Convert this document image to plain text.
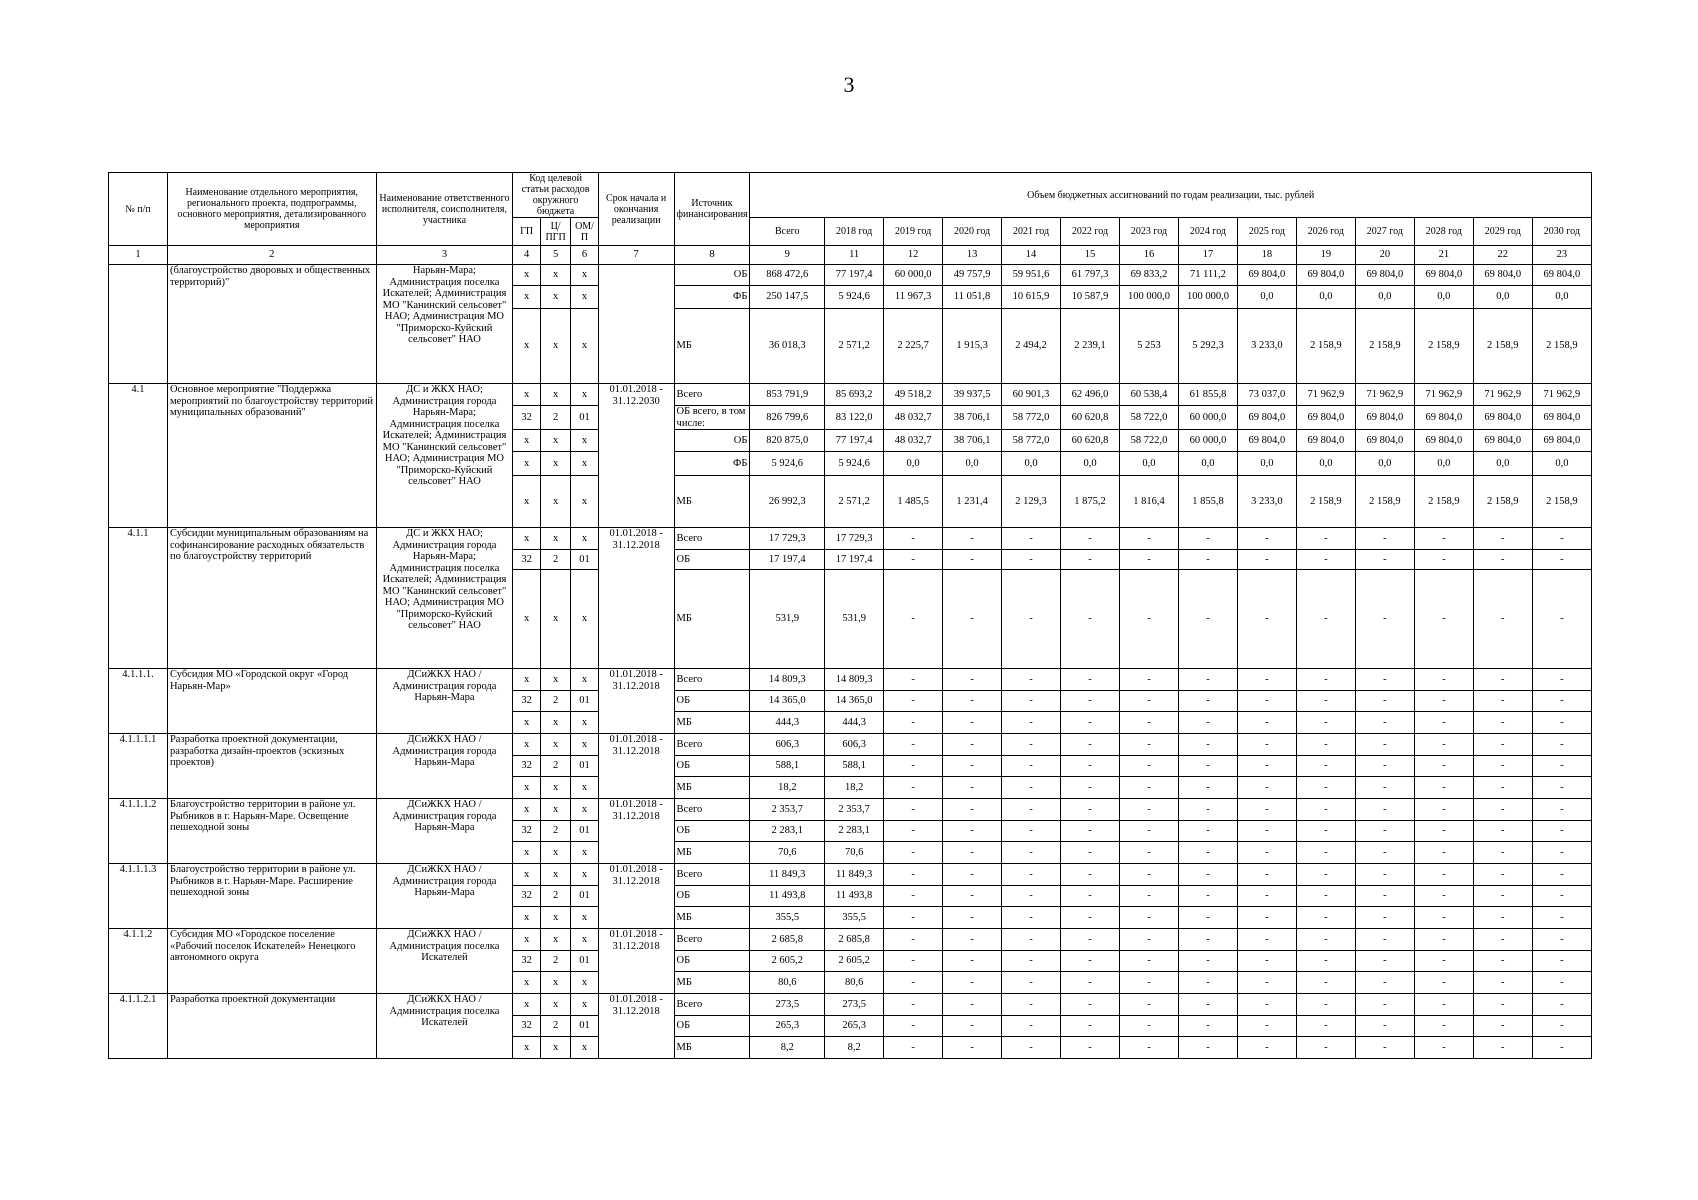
3
№ п/п	Наименование отдельного мероприятия, регионального проекта, подпрограммы, основного мероприятия, детализированного мероприятия	Наименование ответственного исполнителя, соисполнителя, участника	Код целевой статьи расходов окружного бюджета			Срок начала и окончания реализации	Источник финансирования	Объем бюджетных ассигнований по годам реализации, тыс. рублей													
			ГП	Ц/ПГП	ОМ/П			Всего	2018 год	2019 год	2020 год	2021 год	2022 год	2023 год	2024 год	2025 год	2026 год	2027 год	2028 год	2029 год	2030 год
1	2	3	4	5	6	7	8	9	11	12	13	14	15	16	17	18	19	20	21	22	23
	(благоустройство дворовых и общественных территорий)"	Нарьян-Мара; Администрация поселка Искателей; Администрация МО "Канинский сельсовет" НАО; Администрация МО "Приморско-Куйский сельсовет" НАО	х	х	х		ОБ	868 472,6	77 197,4	60 000,0	49 757,9	59 951,6	61 797,3	69 833,2	71 111,2	69 804,0	69 804,0	69 804,0	69 804,0	69 804,0	69 804,0
			х	х	х		ФБ	250 147,5	5 924,6	11 967,3	11 051,8	10 615,9	10 587,9	100 000,0	100 000,0	0,0	0,0	0,0	0,0	0,0	0,0
			х	х	х		МБ	36 018,3	2 571,2	2 225,7	1 915,3	2 494,2	2 239,1	5 253	5 292,3	3 233,0	2 158,9	2 158,9	2 158,9	2 158,9	2 158,9
4.1	Основное мероприятие "Поддержка мероприятий по благоустройству территорий муниципальных образований"	ДС и ЖКХ НАО; Администрация города Нарьян-Мара; Администрация поселка Искателей; Администрация МО "Канинский сельсовет" НАО; Администрация МО "Приморско-Куйский сельсовет" НАО	х	х	х	01.01.2018 - 31.12.2030	Всего	853 791,9	85 693,2	49 518,2	39 937,5	60 901,3	62 496,0	60 538,4	61 855,8	73 037,0	71 962,9	71 962,9	71 962,9	71 962,9	71 962,9
			32	2	01		ОБ всего, в том числе:	826 799,6	83 122,0	48 032,7	38 706,1	58 772,0	60 620,8	58 722,0	60 000,0	69 804,0	69 804,0	69 804,0	69 804,0	69 804,0	69 804,0
			х	х	х		ОБ	820 875,0	77 197,4	48 032,7	38 706,1	58 772,0	60 620,8	58 722,0	60 000,0	69 804,0	69 804,0	69 804,0	69 804,0	69 804,0	69 804,0
			х	х	х		ФБ	5 924,6	5 924,6	0,0	0,0	0,0	0,0	0,0	0,0	0,0	0,0	0,0	0,0	0,0	0,0
			х	х	х		МБ	26 992,3	2 571,2	1 485,5	1 231,4	2 129,3	1 875,2	1 816,4	1 855,8	3 233,0	2 158,9	2 158,9	2 158,9	2 158,9	2 158,9
4.1.1	Субсидии муниципальным образованиям на софинансирование расходных обязательств по благоустройству территорий	ДС и ЖКХ НАО; Администрация города Нарьян-Мара; Администрация поселка Искателей; Администрация МО "Канинский сельсовет" НАО; Администрация МО "Приморско-Куйский сельсовет" НАО	х	х	х	01.01.2018 - 31.12.2018	Всего	17 729,3	17 729,3	-	-	-	-	-	-	-	-	-	-	-	-
			32	2	01		ОБ	17 197,4	17 197,4	-	-	-	-	-	-	-	-	-	-	-	-
			х	х	х		МБ	531,9	531,9	-	-	-	-	-	-	-	-	-	-	-	-
4.1.1.1.	Субсидия МО «Городской округ «Город Нарьян-Мар»	ДСиЖКХ НАО / Администрация города Нарьян-Мара	х	х	х	01.01.2018 - 31.12.2018	Всего	14 809,3	14 809,3	-	-	-	-	-	-	-	-	-	-	-	-
			32	2	01		ОБ	14 365,0	14 365,0	-	-	-	-	-	-	-	-	-	-	-	-
			х	х	х		МБ	444,3	444,3	-	-	-	-	-	-	-	-	-	-	-	-
4.1.1.1.1	Разработка проектной документации, разработка дизайн-проектов (эскизных проектов)	ДСиЖКХ НАО / Администрация города Нарьян-Мара	х	х	х	01.01.2018 - 31.12.2018	Всего	606,3	606,3	-	-	-	-	-	-	-	-	-	-	-	-
			32	2	01		ОБ	588,1	588,1	-	-	-	-	-	-	-	-	-	-	-	-
			х	х	х		МБ	18,2	18,2	-	-	-	-	-	-	-	-	-	-	-	-
4.1.1.1.2	Благоустройство территории в районе ул. Рыбников в г. Нарьян-Маре. Освещение пешеходной зоны	ДСиЖКХ НАО / Администрация города Нарьян-Мара	х	х	х	01.01.2018 - 31.12.2018	Всего	2 353,7	2 353,7	-	-	-	-	-	-	-	-	-	-	-	-
			32	2	01		ОБ	2 283,1	2 283,1	-	-	-	-	-	-	-	-	-	-	-	-
			х	х	х		МБ	70,6	70,6	-	-	-	-	-	-	-	-	-	-	-	-
4.1.1.1.3	Благоустройство территории в районе ул. Рыбников в г. Нарьян-Маре. Расширение пешеходной зоны	ДСиЖКХ НАО / Администрация города Нарьян-Мара	х	х	х	01.01.2018 - 31.12.2018	Всего	11 849,3	11 849,3	-	-	-	-	-	-	-	-	-	-	-	-
			32	2	01		ОБ	11 493,8	11 493,8	-	-	-	-	-	-	-	-	-	-	-	-
			х	х	х		МБ	355,5	355,5	-	-	-	-	-	-	-	-	-	-	-	-
4.1.1.2	Субсидия МО «Городское поселение «Рабочий поселок Искателей» Ненецкого автономного округа	ДСиЖКХ НАО / Администрация поселка Искателей	х	х	х	01.01.2018 - 31.12.2018	Всего	2 685,8	2 685,8	-	-	-	-	-	-	-	-	-	-	-	-
			32	2	01		ОБ	2 605,2	2 605,2	-	-	-	-	-	-	-	-	-	-	-	-
			х	х	х		МБ	80,6	80,6	-	-	-	-	-	-	-	-	-	-	-	-
4.1.1.2.1	Разработка проектной документации	ДСиЖКХ НАО / Администрация поселка Искателей	х	х	х	01.01.2018 - 31.12.2018	Всего	273,5	273,5	-	-	-	-	-	-	-	-	-	-	-	-
			32	2	01		ОБ	265,3	265,3	-	-	-	-	-	-	-	-	-	-	-	-
			х	х	х		МБ	8,2	8,2	-	-	-	-	-	-	-	-	-	-	-	-
